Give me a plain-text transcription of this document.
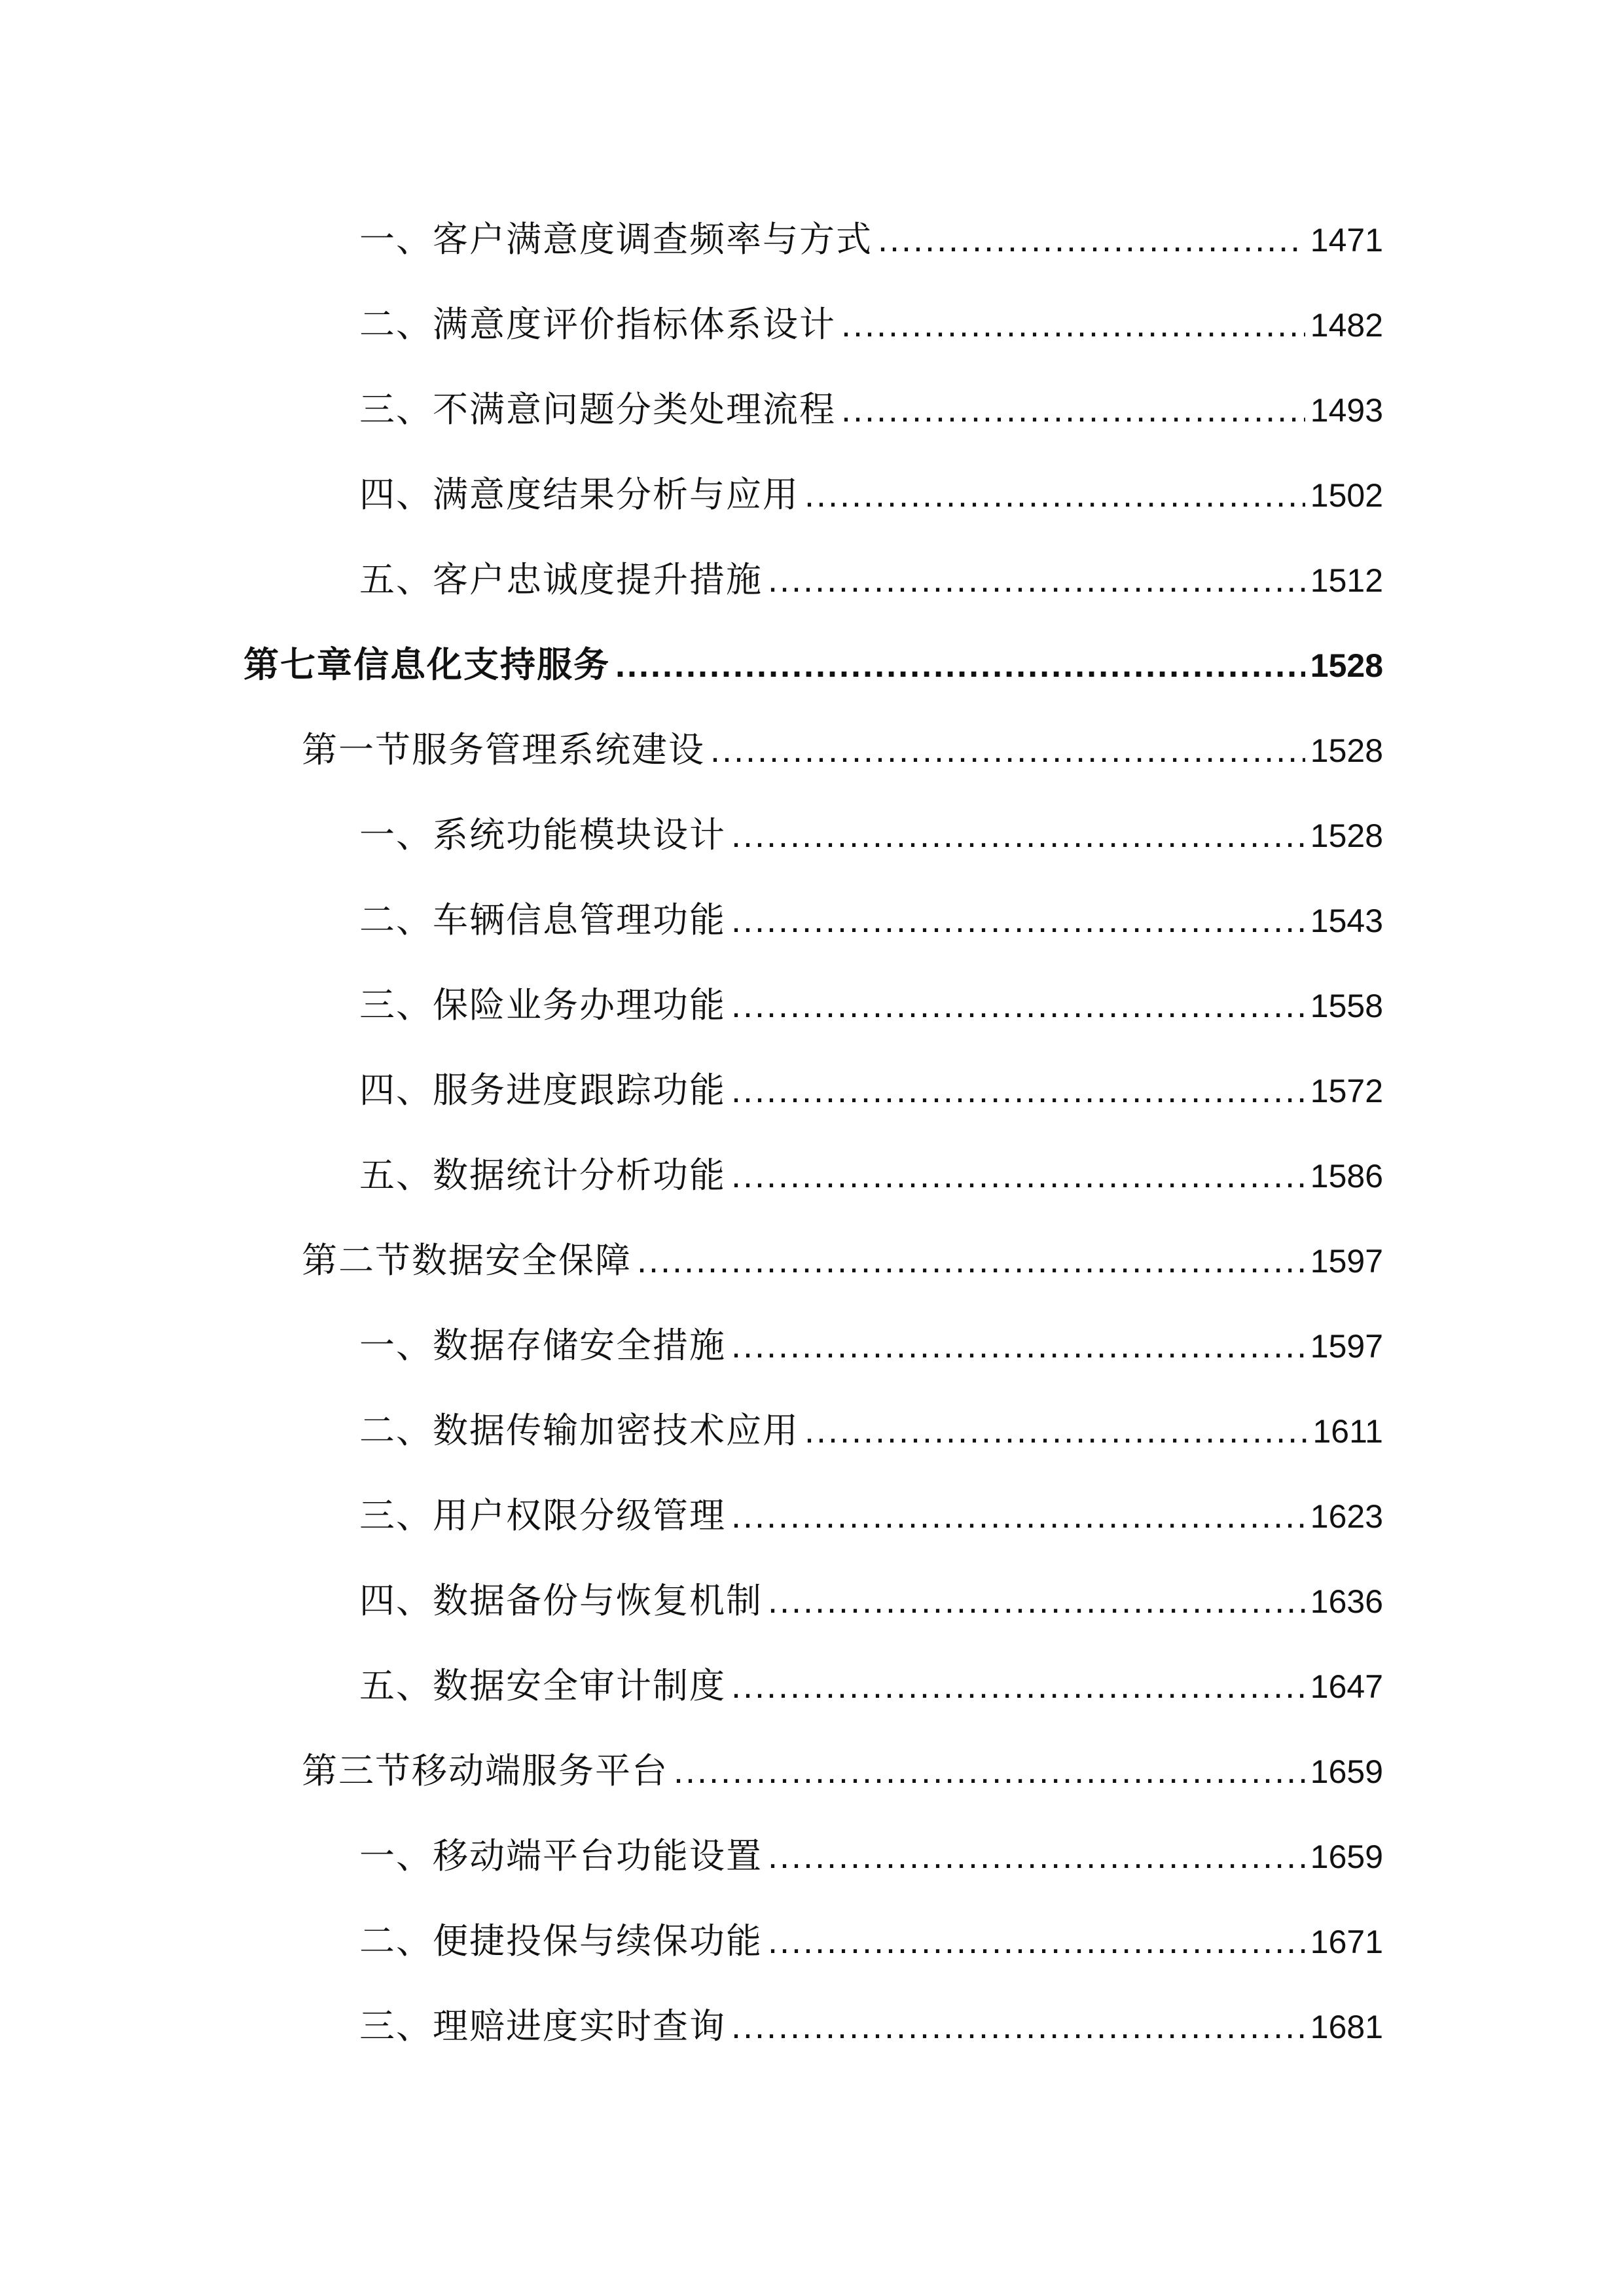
一、客户满意度调查频率与方式 .....	1471
二、满意度评价指标体系设计 .....	1482
三、不满意问题分类处理流程 .....	1493
四、满意度结果分析与应用 .....	1502
五、客户忠诚度提升措施 .....	1512
第七章信息化支持服务 .....	1528
第一节服务管理系统建设 .....	1528
一、系统功能模块设计 .....	1528
二、车辆信息管理功能 .....	1543
三、保险业务办理功能 .....	1558
四、服务进度跟踪功能 .....	1572
五、数据统计分析功能 .....	1586
第二节数据安全保障 .....	1597
一、数据存储安全措施 .....	1597
二、数据传输加密技术应用 .....	1611
三、用户权限分级管理 .....	1623
四、数据备份与恢复机制 .....	1636
五、数据安全审计制度 .....	1647
第三节移动端服务平台 .....	1659
一、移动端平台功能设置 .....	1659
二、便捷投保与续保功能 .....	1671
三、理赔进度实时查询 .....	1681
